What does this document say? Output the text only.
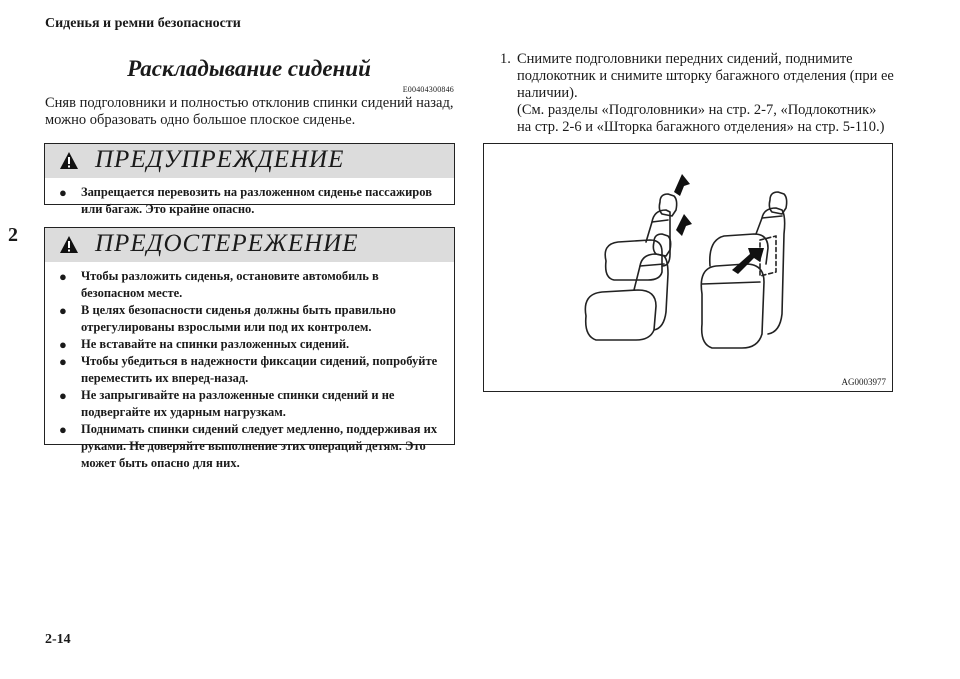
Сиденья и ремни безопасности
2
2-14
Раскладывание сидений
E00404300846
Сняв подголовники и полностью отклонив спинки сидений назад, можно образовать одно большое плоское сиденье.
ПРЕДУПРЕЖДЕНИЕ
● Запрещается перевозить на разложенном сиденье пассажиров или багаж. Это крайне опасно.
ПРЕДОСТЕРЕЖЕНИЕ
● Чтобы разложить сиденья, остановите автомобиль в безопасном месте.
● В целях безопасности сиденья должны быть правильно отрегулированы взрослыми или под их контролем.
● Не вставайте на спинки разложенных сидений.
● Чтобы убедиться в надежности фиксации сидений, попробуйте переместить их вперед-назад.
● Не запрыгивайте на разложенные спинки сидений и не подвергайте их ударным нагрузкам.
● Поднимать спинки сидений следует медленно, поддерживая их руками. Не доверяйте выполнение этих операций детям. Это может быть опасно для них.
1. Снимите подголовники передних сидений, поднимите
подлокотник и снимите шторку багажного отделения (при ее
наличии).
(См. разделы «Подголовники» на стр. 2-7, «Подлокотник»
на стр. 2-6 и «Шторка багажного отделения» на стр. 5-110.)
AG0003977
